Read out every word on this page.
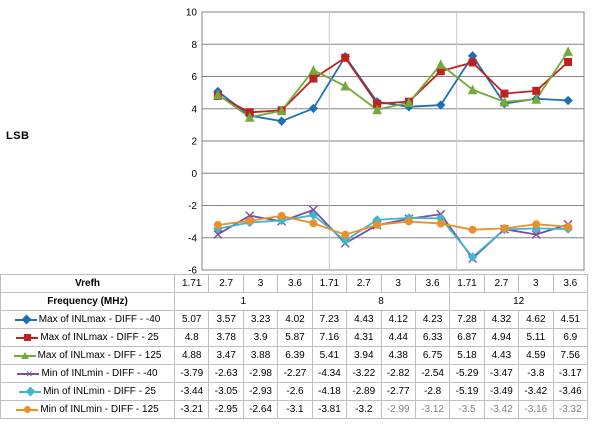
LSB
-6
-4
-2
0
2
4
6
8
10
Vrefh	1.71	2.7	3	3.6	1.71	2.7	3	3.6	1.71	2.7	3	3.6
Frequency (MHz)	1				8				12			

Max of INLmax - DIFF - -40	5.07	3.57	3.23	4.02	7.23	4.43	4.12	4.23	7.28	4.32	4.62	4.51

Max of INLmax - DIFF - 25	4.8	3.78	3.9	5.87	7.16	4.31	4.44	6.33	6.87	4.94	5.11	6.9

Max of INLmax - DIFF - 125	4.88	3.47	3.88	6.39	5.41	3.94	4.38	6.75	5.18	4.43	4.59	7.56

✕ Min of INLmin - DIFF - -40	-3.79	-2.63	-2.98	-2.27	-4.34	-3.22	-2.82	-2.54	-5.29	-3.47	-3.8	-3.17

Min of INLmin - DIFF - 25	-3.44	-3.05	-2.93	-2.6	-4.18	-2.89	-2.77	-2.8	-5.19	-3.49	-3.42	-3.46

Min of INLmin - DIFF - 125	-3.21	-2.95	-2.64	-3.1	-3.81	-3.2	-2.99	-3.12	-3.5	-3.42	-3.16	-3.32
